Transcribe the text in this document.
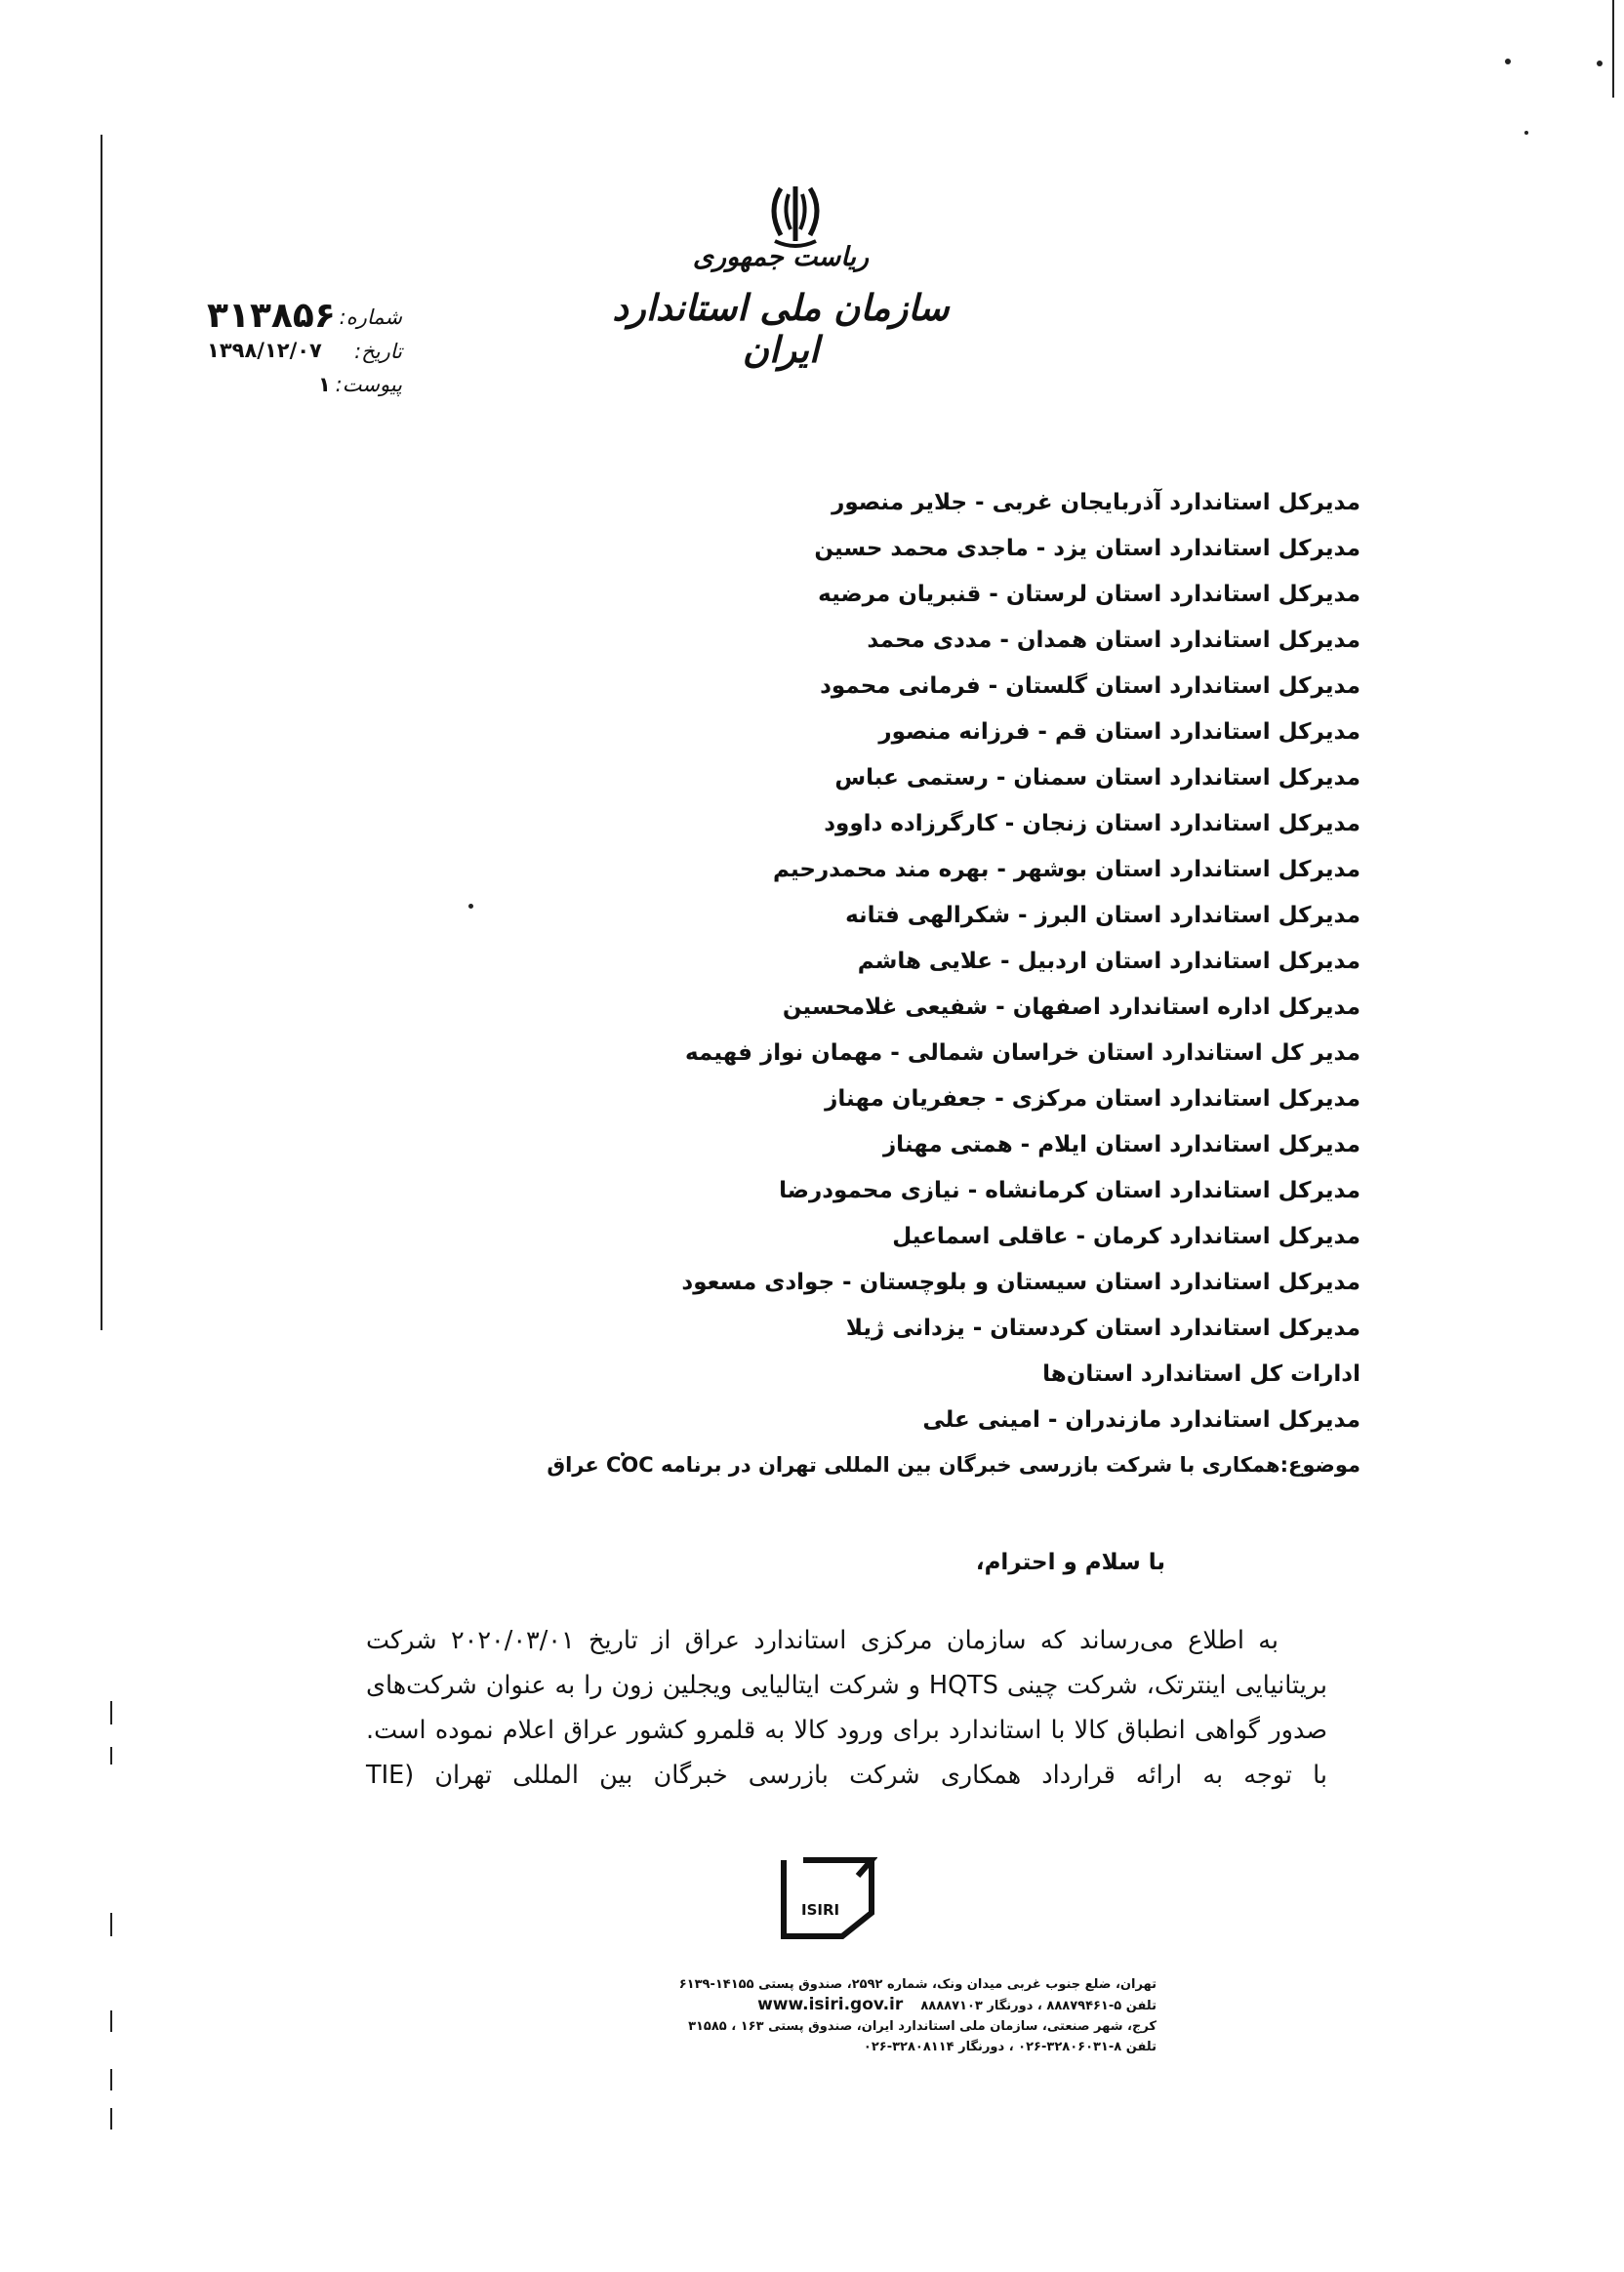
ریاست جمهوری
سازمان ملی استاندارد ایران
شماره:
۳۱۳۸۵۶
تاریخ:
۱۳۹۸/۱۲/۰۷
پیوست:
۱
مدیرکل استاندارد آذربایجان غربی - جلایر منصور
مدیرکل استاندارد استان یزد - ماجدی محمد حسین
مدیرکل استاندارد استان لرستان - قنبریان مرضیه
مدیرکل استاندارد استان همدان - مددی محمد
مدیرکل استاندارد استان گلستان - فرمانی محمود
مدیرکل استاندارد استان قم - فرزانه منصور
مدیرکل استاندارد استان سمنان - رستمی عباس
مدیرکل استاندارد استان زنجان - کارگرزاده داوود
مدیرکل استاندارد استان بوشهر - بهره مند محمدرحیم
مدیرکل استاندارد استان البرز - شکرالهی فتانه
مدیرکل استاندارد استان اردبیل - علایی هاشم
مدیرکل اداره استاندارد اصفهان - شفیعی غلامحسین
مدیر کل استاندارد استان خراسان شمالی - مهمان نواز فهیمه
مدیرکل استاندارد استان مرکزی - جعفریان مهناز
مدیرکل استاندارد استان ایلام - همتی مهناز
مدیرکل استاندارد استان کرمانشاه - نیازی محمودرضا
مدیرکل استاندارد کرمان - عاقلی اسماعیل
مدیرکل استاندارد استان سیستان و بلوچستان - جوادی مسعود
مدیرکل استاندارد استان کردستان - یزدانی ژیلا
ادارات کل استاندارد استان‌ها
مدیرکل استاندارد مازندران - امینی علی
موضوع:همکاری با شرکت بازرسی خبرگان بین المللی تهران در برنامه COC عراق
با سلام و احترام،

به اطلاع می‌رساند که سازمان مرکزی استاندارد عراق از تاریخ ۲۰۲۰/۰۳/۰۱ شرکت بریتانیایی اینترتک، شرکت چینی HQTS و شرکت ایتالیایی ویجلین زون را به عنوان شرکت‌های صدور گواهی انطباق کالا با استاندارد برای ورود کالا به قلمرو کشور عراق اعلام نموده است. با توجه به ارائه قرارداد همکاری شرکت بازرسی خبرگان بین المللی تهران (TIE

ISIRI
تهران، ضلع جنوب غربی میدان ونک، شماره ۲۵۹۲، صندوق پستی ۱۴۱۵۵-۶۱۳۹
تلفن ۵-۸۸۸۷۹۴۶۱ ، دورنگار ۸۸۸۸۷۱۰۳    www.isiri.gov.ir
کرج، شهر صنعتی، سازمان ملی استاندارد ایران، صندوق پستی ۱۶۳ ، ۳۱۵۸۵
تلفن ۸-۳۲۸۰۶۰۳۱-۰۲۶ ، دورنگار ۳۲۸۰۸۱۱۴-۰۲۶
